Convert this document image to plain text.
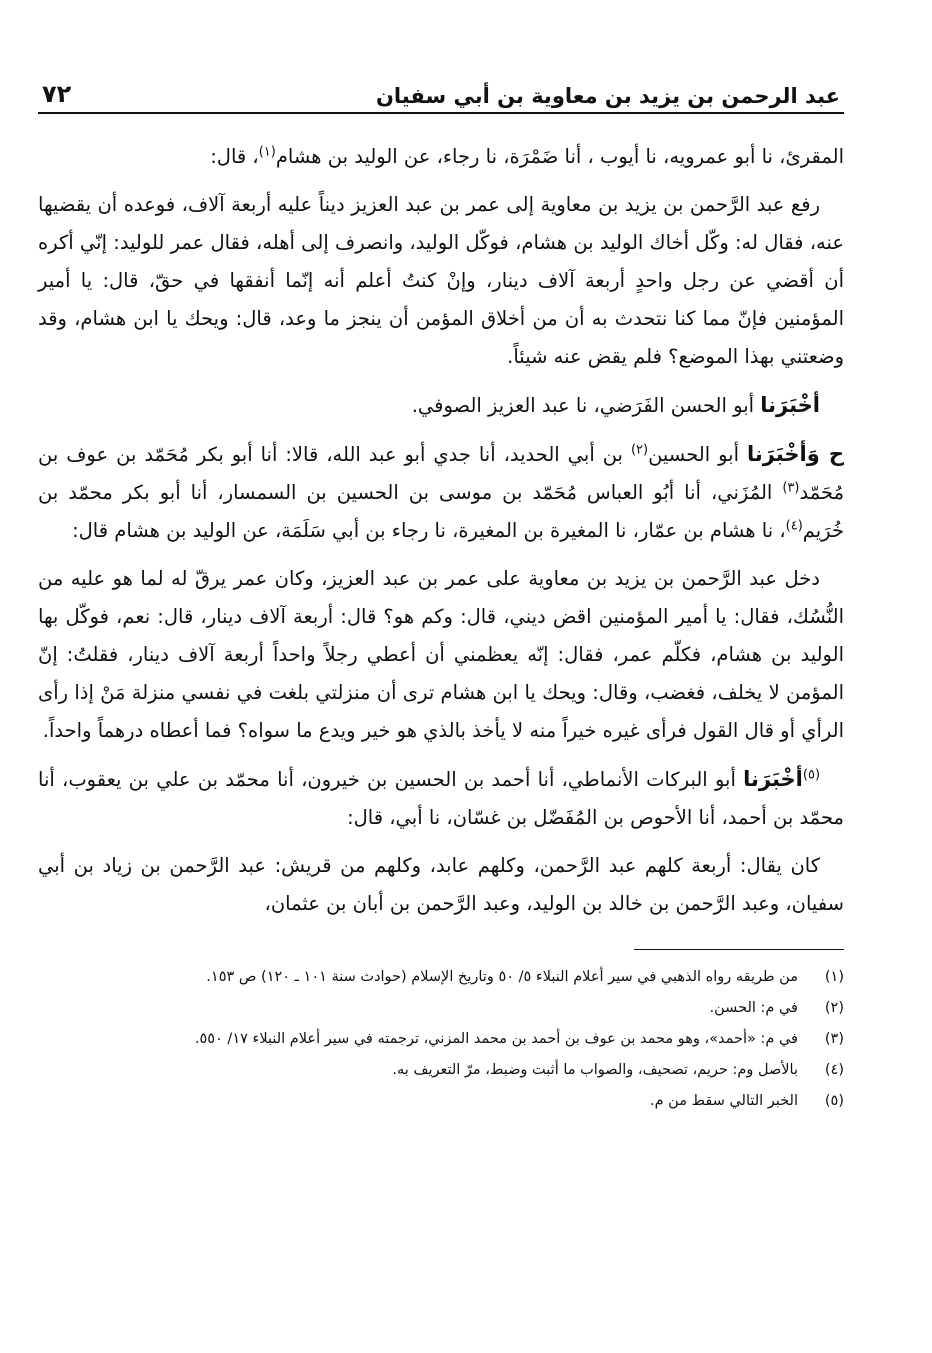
عبد الرحمن بن يزيد بن معاوية بن أبي سفيان
٧٢

المقرئ، نا أبو عمرويه، نا أيوب ، أنا ضَمْرَة، نا رجاء، عن الوليد بن هشام$^{(١)}$، قال:

رفع عبد الرَّحمن بن يزيد بن معاوية إلى عمر بن عبد العزيز ديناً عليه أربعة آلاف، فوعده أن يقضيها عنه، فقال له: وكّل أخاك الوليد بن هشام، فوكّل الوليد، وانصرف إلى أهله، فقال عمر للوليد: إنّي أكره أن أقضي عن رجل واحدٍ أربعة آلاف دينار، وإنْ كنتُ أعلم أنه إنّما أنفقها في حقّ، قال: يا أمير المؤمنين فإنّ مما كنا نتحدث به أن من أخلاق المؤمن أن ينجز ما وعد، قال: ويحك يا ابن هشام، وقد وضعتني بهذا الموضع؟ فلم يقض عنه شيئاً.

أخْبَرَنا أبو الحسن الفَرَضي، نا عبد العزيز الصوفي.

ح وَأخْبَرَنا أبو الحسين$^{(٢)}$ بن أبي الحديد، أنا جدي أبو عبد الله، قالا: أنا أبو بكر مُحَمّد بن عوف بن مُحَمّد$^{(٣)}$ المُزَني، أنا أبُو العباس مُحَمّد بن موسى بن الحسين بن السمسار، أنا أبو بكر محمّد بن خُرَيم$^{(٤)}$، نا هشام بن عمّار، نا المغيرة بن المغيرة، نا رجاء بن أبي سَلَمَة، عن الوليد بن هشام قال:

دخل عبد الرَّحمن بن يزيد بن معاوية على عمر بن عبد العزيز، وكان عمر يرقّ له لما هو عليه من النُّسُك، فقال: يا أمير المؤمنين اقض ديني، قال: وكم هو؟ قال: أربعة آلاف دينار، قال: نعم، فوكّل بها الوليد بن هشام، فكلّم عمر، فقال: إنّه يعظمني أن أعطي رجلاً واحداً أربعة آلاف دينار، فقلتُ: إنّ المؤمن لا يخلف، فغضب، وقال: ويحك يا ابن هشام ترى أن منزلتي بلغت في نفسي منزلة مَنْ إذا رأى الرأي أو قال القول فرأى غيره خيراً منه لا يأخذ بالذي هو خير ويدع ما سواه؟ فما أعطاه درهماً واحداً.

$^{(٥)}$أخْبَرَنا أبو البركات الأنماطي، أنا أحمد بن الحسين بن خيرون، أنا محمّد بن علي بن يعقوب، أنا محمّد بن أحمد، أنا الأحوص بن المُفَضّل بن غسّان، نا أبي، قال:

كان يقال: أربعة كلهم عبد الرَّحمن، وكلهم عابد، وكلهم من قريش: عبد الرَّحمن بن زياد بن أبي سفيان، وعبد الرَّحمن بن خالد بن الوليد، وعبد الرَّحمن بن أبان بن عثمان،

(١)
من طريقه رواه الذهبي في سير أعلام النبلاء ٥/ ٥٠ وتاريخ الإسلام (حوادث سنة ١٠١ ـ ١٢٠) ص ١٥٣.
(٢)
في م: الحسن.
(٣)
في م: «أحمد»، وهو محمد بن عوف بن أحمد بن محمد المزني، ترجمته في سير أعلام النبلاء ١٧/ ٥٥٠.
(٤)
بالأصل وم: حريم، تصحيف، والصواب ما أثبت وضبط، مرّ التعريف به.
(٥)
الخبر التالي سقط من م.
